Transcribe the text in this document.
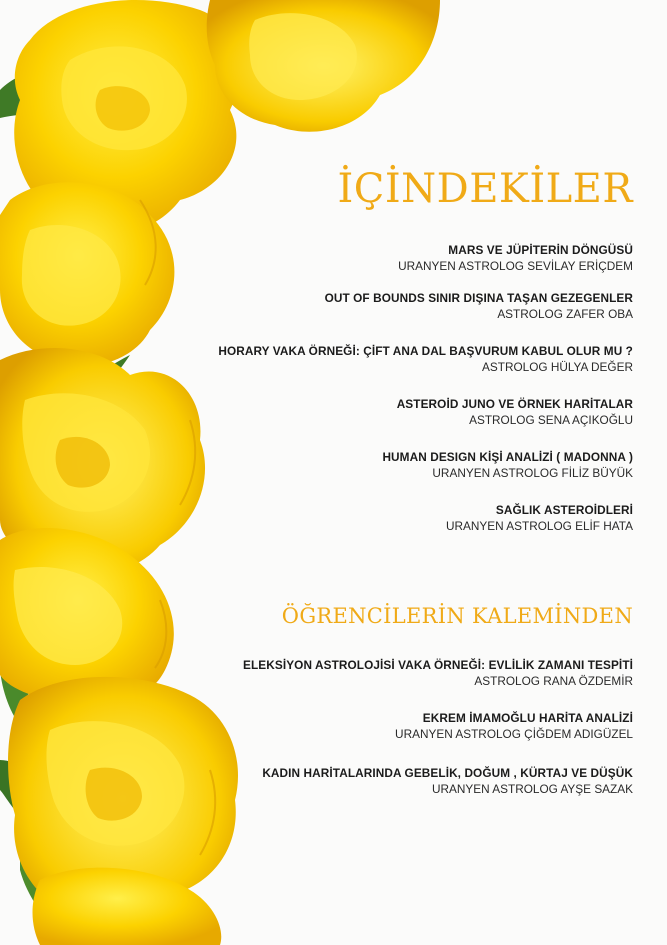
İÇİNDEKİLER
MARS VE JÜPİTERİN DÖNGÜSÜ
URANYEN ASTROLOG SEVİLAY ERİÇDEM
OUT OF BOUNDS SINIR DIŞINA TAŞAN GEZEGENLER
ASTROLOG ZAFER OBA
HORARY VAKA ÖRNEĞİ: ÇİFT ANA DAL BAŞVURUM KABUL OLUR MU ?
ASTROLOG HÜLYA DEĞER
ASTEROİD JUNO VE ÖRNEK HARİTALAR
ASTROLOG SENA AÇIKOĞLU
HUMAN DESIGN KİŞİ ANALİZİ ( MADONNA )
URANYEN ASTROLOG FİLİZ BÜYÜK
SAĞLIK ASTEROİDLERİ
URANYEN ASTROLOG ELİF HATA
ÖĞRENCİLERİN KALEMİNDEN
ELEKSİYON ASTROLOJİSİ VAKA ÖRNEĞİ: EVLİLİK ZAMANI TESPİTİ
ASTROLOG RANA ÖZDEMİR
EKREM İMAMOĞLU HARİTA ANALİZİ
URANYEN ASTROLOG ÇİĞDEM ADIGÜZEL
KADIN HARİTALARINDA GEBELİK, DOĞUM , KÜRTAJ VE DÜŞÜK
URANYEN ASTROLOG AYŞE SAZAK
